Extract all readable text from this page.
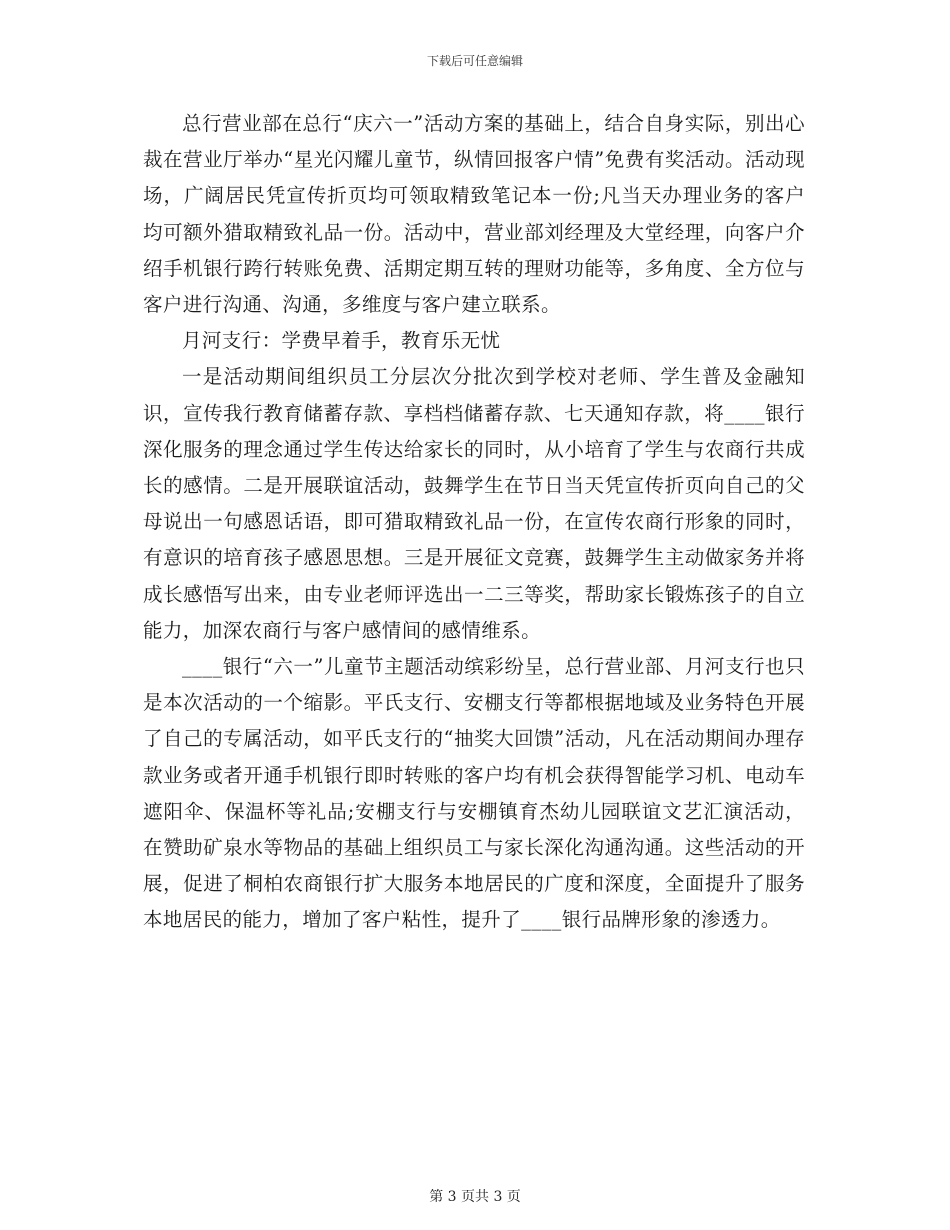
下载后可任意编辑

总行营业部在总行“庆六一”活动方案的基础上，结合自身实际，别出心裁在营业厅举办“星光闪耀儿童节，纵情回报客户情”免费有奖活动。活动现场，广阔居民凭宣传折页均可领取精致笔记本一份;凡当天办理业务的客户均可额外猎取精致礼品一份。活动中，营业部刘经理及大堂经理，向客户介绍手机银行跨行转账免费、活期定期互转的理财功能等，多角度、全方位与客户进行沟通、沟通，多维度与客户建立联系。

月河支行：学费早着手，教育乐无忧

一是活动期间组织员工分层次分批次到学校对老师、学生普及金融知识，宣传我行教育储蓄存款、享档档储蓄存款、七天通知存款，将____银行深化服务的理念通过学生传达给家长的同时，从小培育了学生与农商行共成长的感情。二是开展联谊活动，鼓舞学生在节日当天凭宣传折页向自己的父母说出一句感恩话语，即可猎取精致礼品一份，在宣传农商行形象的同时，有意识的培育孩子感恩思想。三是开展征文竞赛，鼓舞学生主动做家务并将成长感悟写出来，由专业老师评选出一二三等奖，帮助家长锻炼孩子的自立能力，加深农商行与客户感情间的感情维系。

____银行“六一”儿童节主题活动缤彩纷呈，总行营业部、月河支行也只是本次活动的一个缩影。平氏支行、安棚支行等都根据地域及业务特色开展了自己的专属活动，如平氏支行的“抽奖大回馈”活动，凡在活动期间办理存款业务或者开通手机银行即时转账的客户均有机会获得智能学习机、电动车遮阳伞、保温杯等礼品;安棚支行与安棚镇育杰幼儿园联谊文艺汇演活动，在赞助矿泉水等物品的基础上组织员工与家长深化沟通沟通。这些活动的开展，促进了桐柏农商银行扩大服务本地居民的广度和深度，全面提升了服务本地居民的能力，增加了客户粘性，提升了____银行品牌形象的渗透力。

第 3 页共 3 页
